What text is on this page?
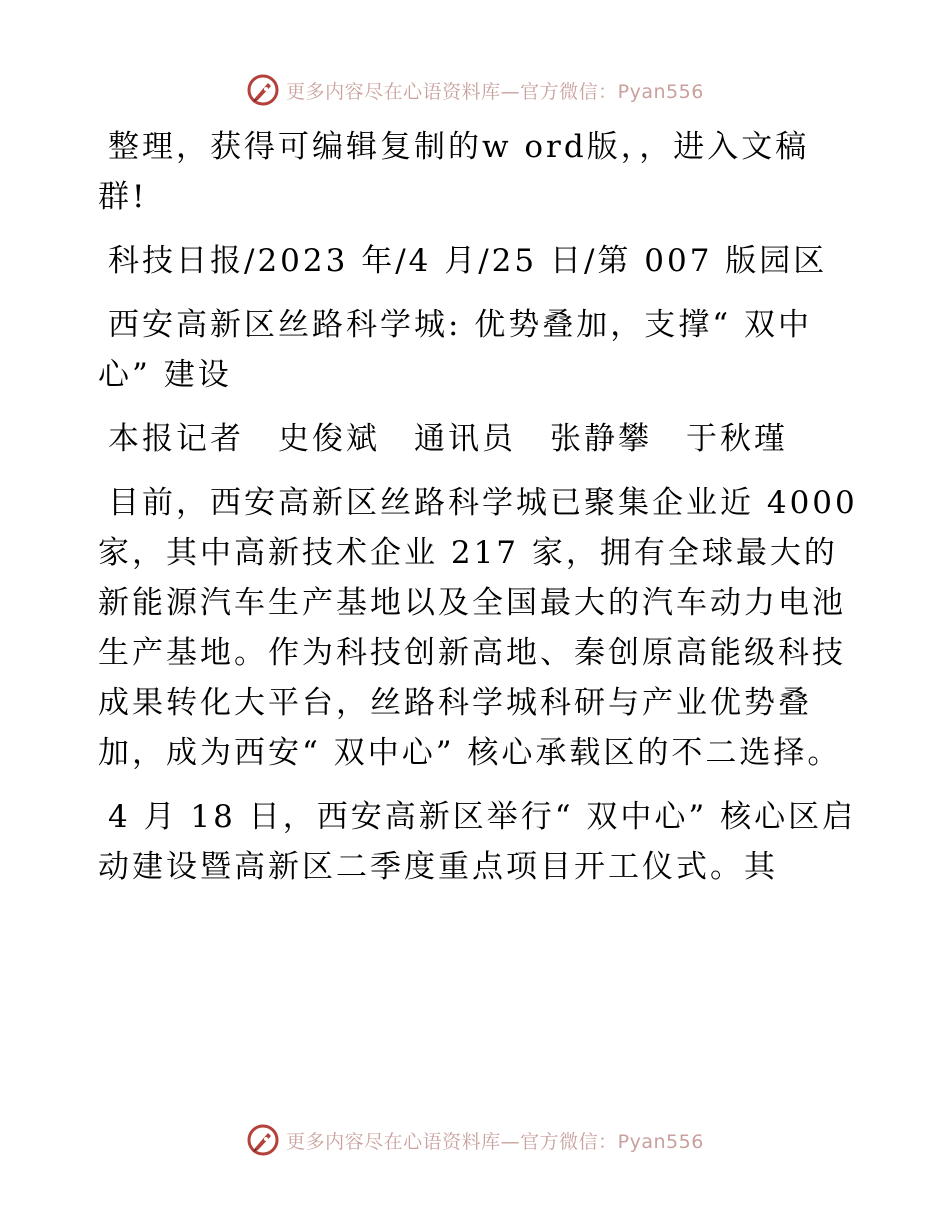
更多内容尽在心语资料库—官方微信：Pyan556

整理，获得可编辑复制的w ord版，，进入文稿群!

科技日报/2023 年/4 月/25 日/第 007 版园区

西安高新区丝路科学城: 优势叠加，支撑“ 双中心” 建设

本报记者　史俊斌　通讯员　张静攀　于秋瑾

目前，西安高新区丝路科学城已聚集企业近 4000 家，其中高新技术企业 217 家，拥有全球最大的新能源汽车生产基地以及全国最大的汽车动力电池生产基地。作为科技创新高地、秦创原高能级科技成果转化大平台，丝路科学城科研与产业优势叠加，成为西安“ 双中心” 核心承载区的不二选择。

4 月 18 日，西安高新区举行“ 双中心” 核心区启动建设暨高新区二季度重点项目开工仪式。其

更多内容尽在心语资料库—官方微信：Pyan556
